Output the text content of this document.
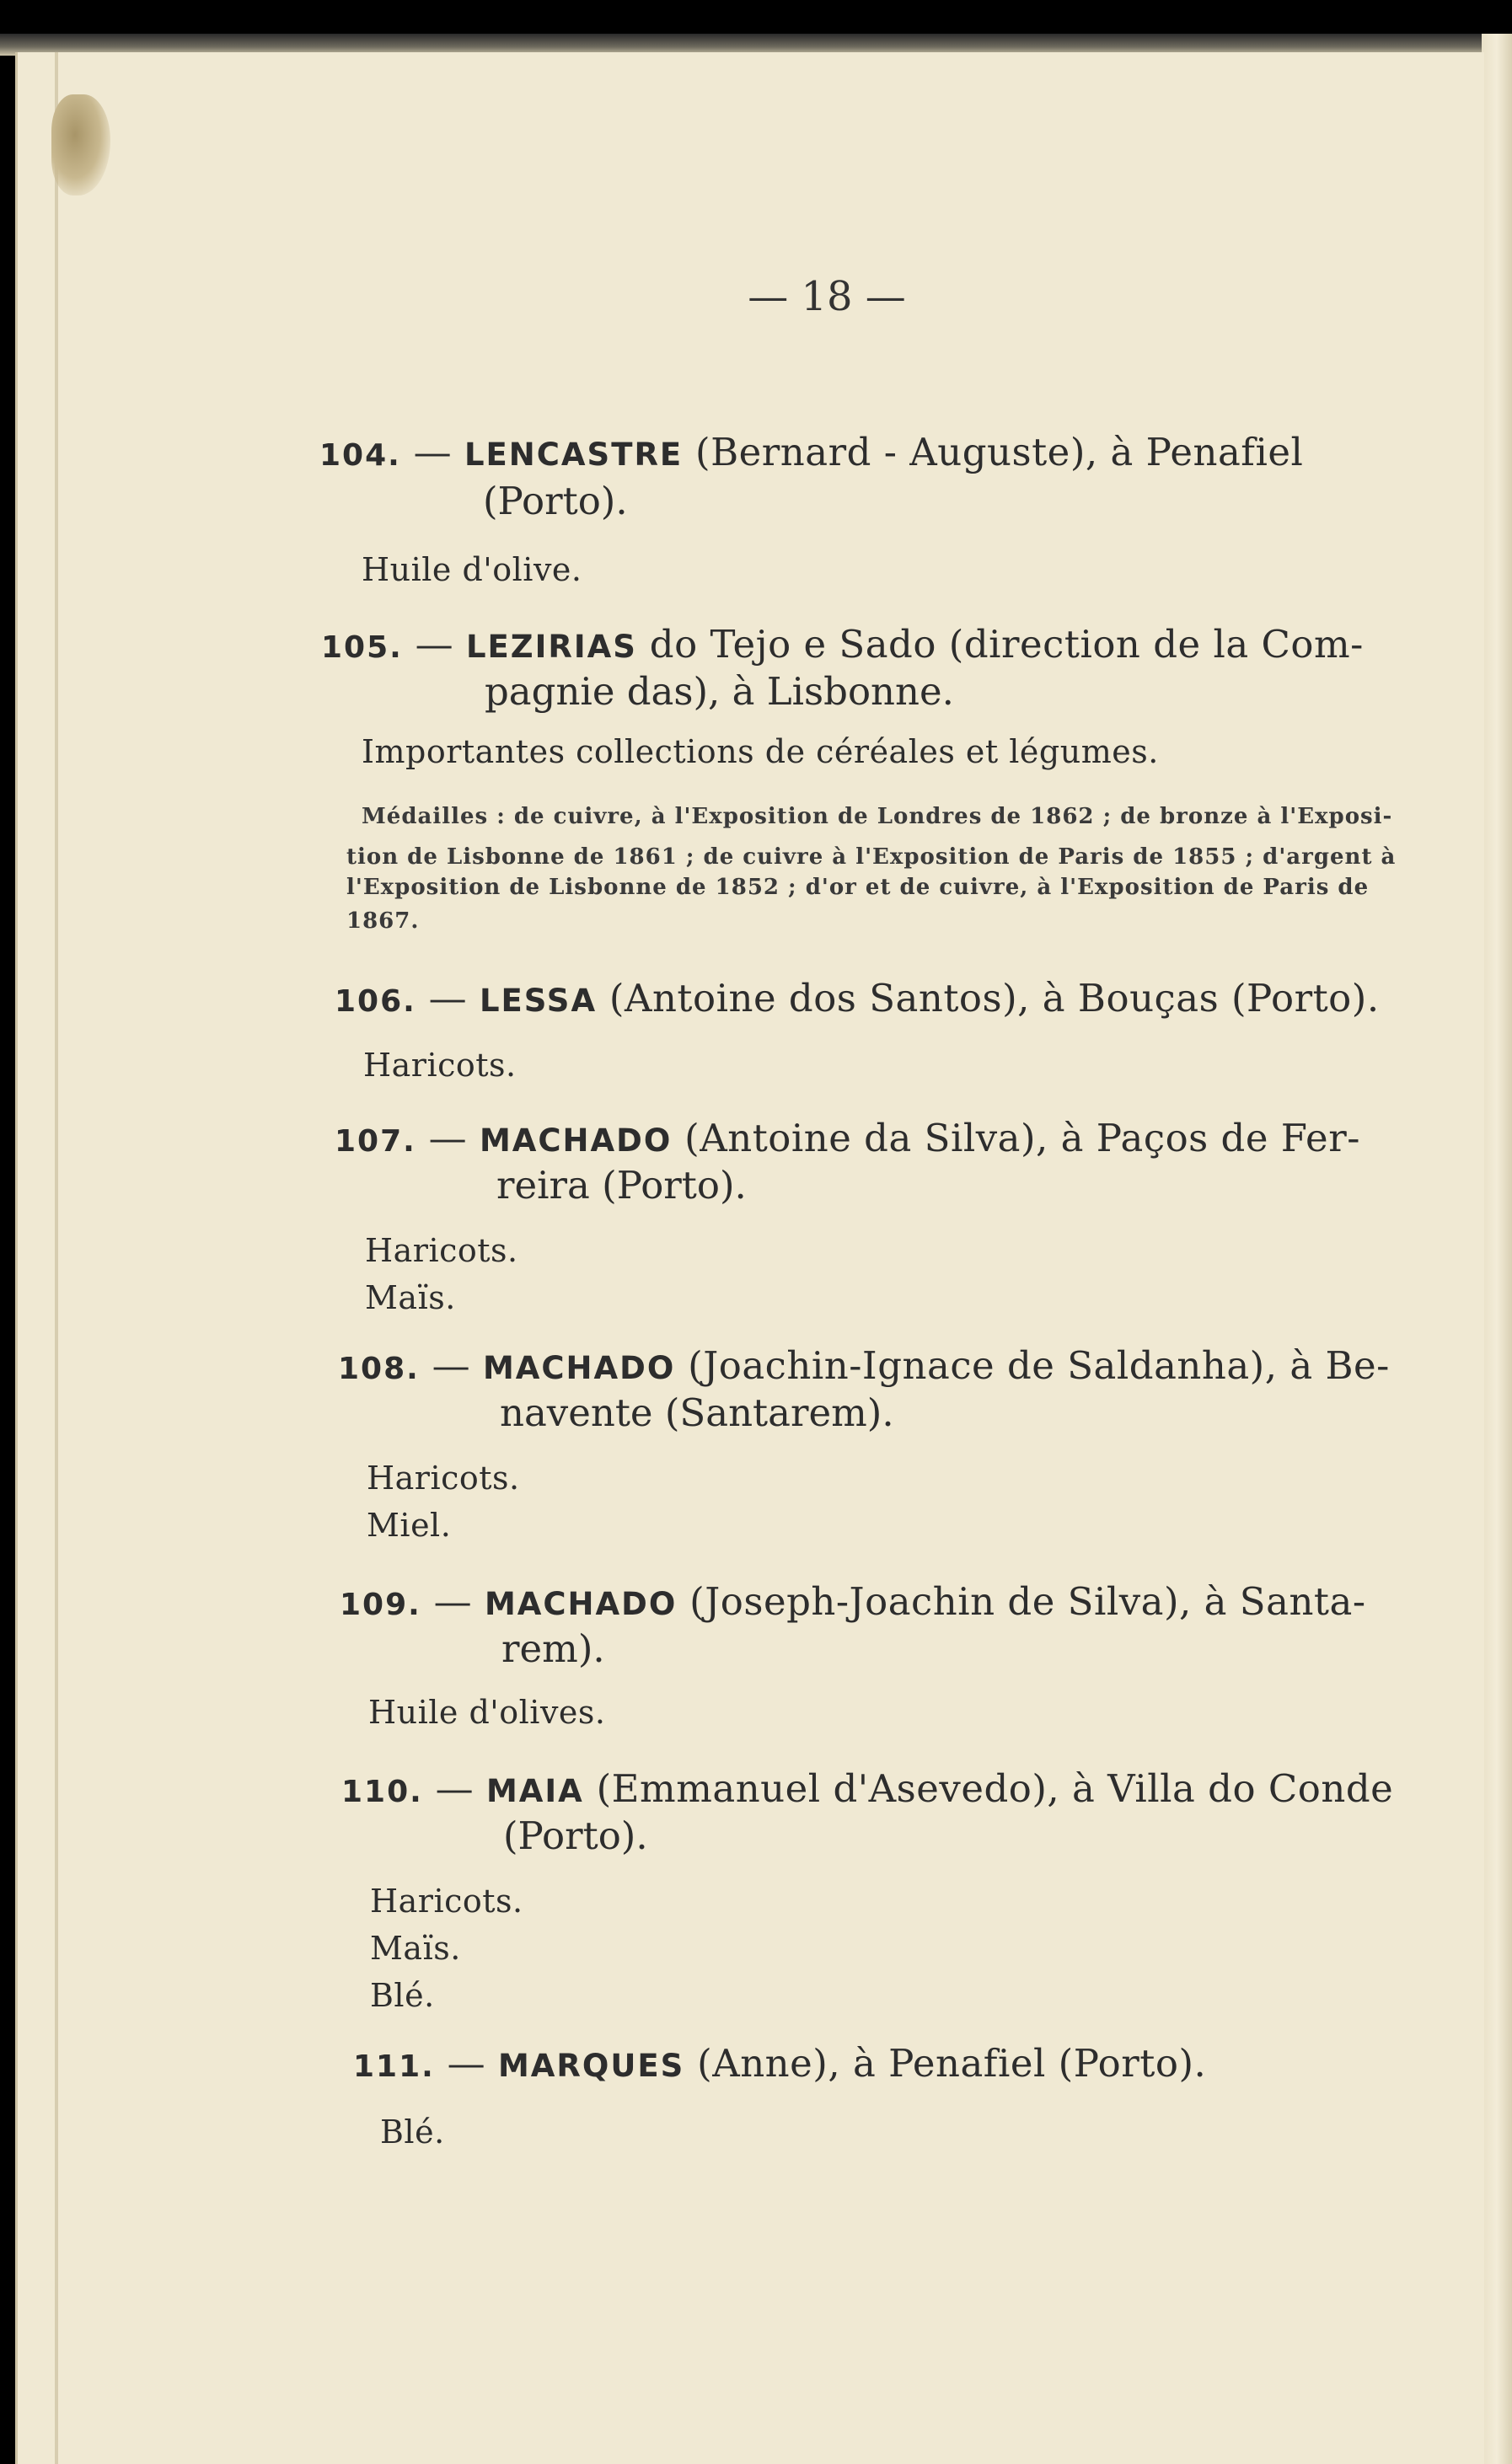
— 18 —
104. — LENCASTRE (Bernard - Auguste), à Penafiel
(Porto).
Huile d'olive.
105. — LEZIRIAS do Tejo e Sado (direction de la Com-
pagnie das), à Lisbonne.
Importantes collections de céréales et légumes.
Médailles : de cuivre, à l'Exposition de Londres de 1862 ; de bronze à l'Exposi-
tion de Lisbonne de 1861 ; de cuivre à l'Exposition de Paris de 1855 ; d'argent à
l'Exposition de Lisbonne de 1852 ; d'or et de cuivre, à l'Exposition de Paris de
1867.
106. — LESSA (Antoine dos Santos), à Bouças (Porto).
Haricots.
107. — MACHADO (Antoine da Silva), à Paços de Fer-
reira (Porto).
Haricots.
Maïs.
108. — MACHADO (Joachin-Ignace de Saldanha), à Be-
navente (Santarem).
Haricots.
Miel.
109. — MACHADO (Joseph-Joachin de Silva), à Santa-
rem).
Huile d'olives.
110. — MAIA (Emmanuel d'Asevedo), à Villa do Conde
(Porto).
Haricots.
Maïs.
Blé.
111. — MARQUES (Anne), à Penafiel (Porto).
Blé.
